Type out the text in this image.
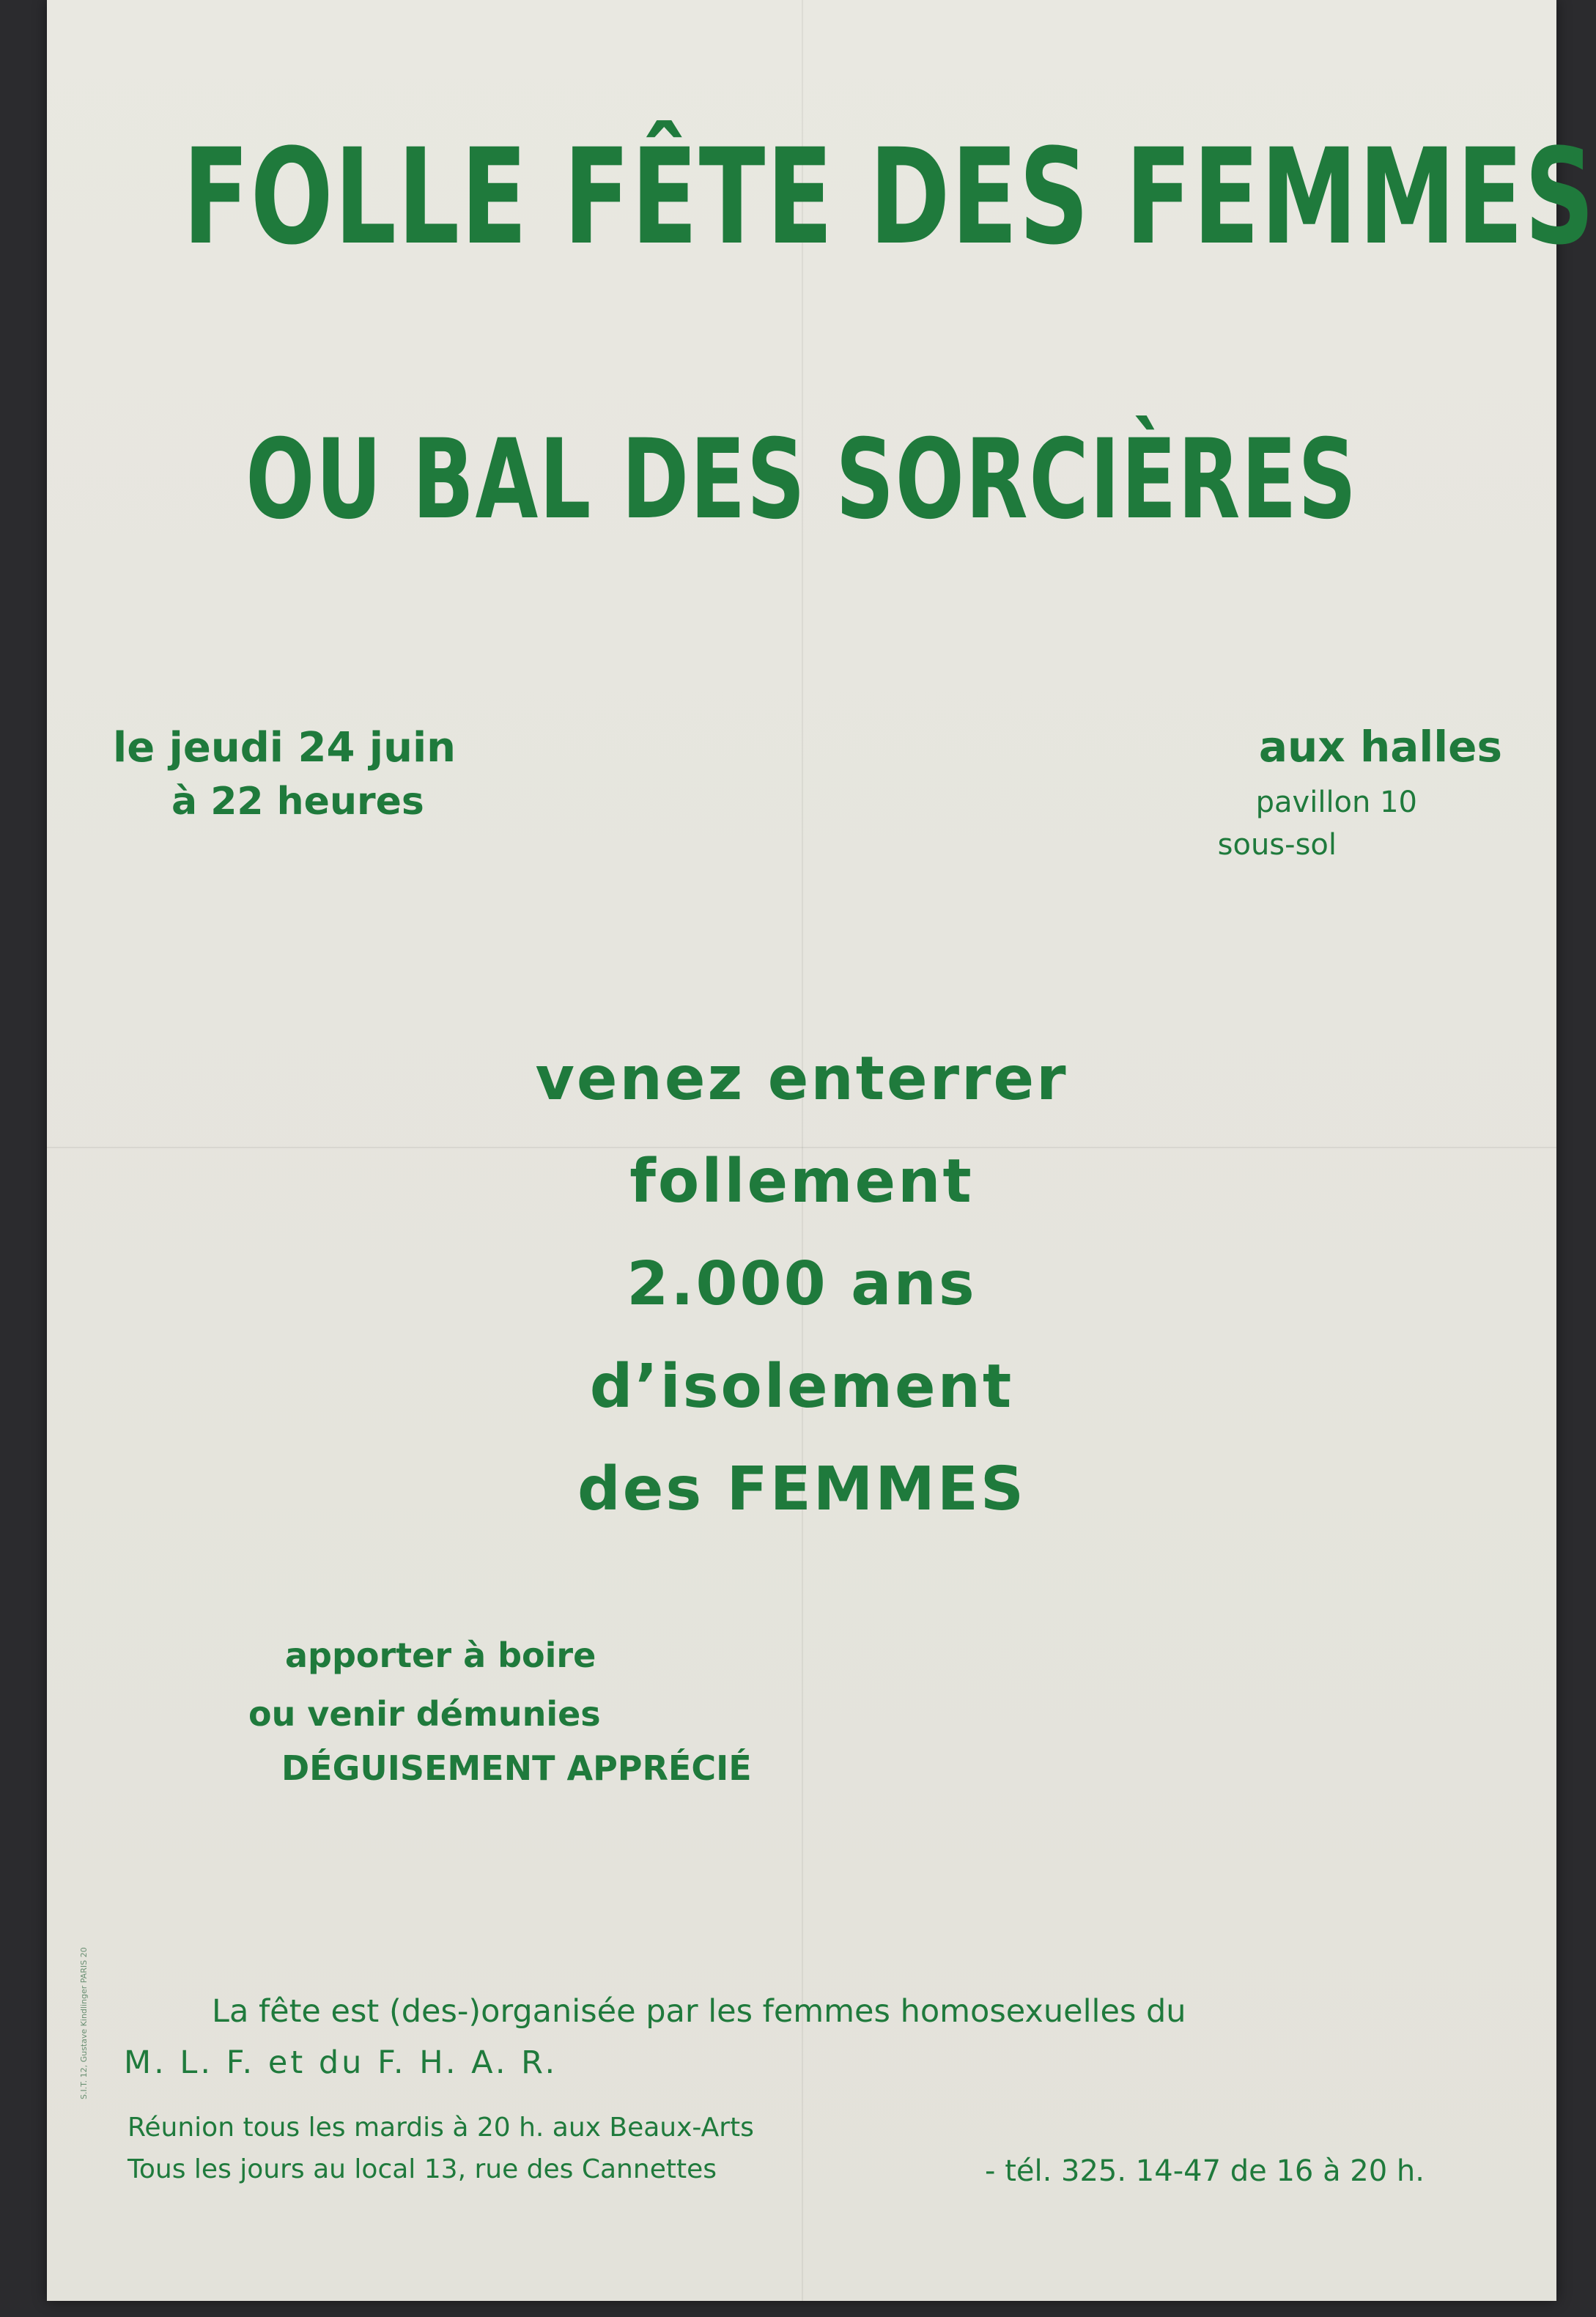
FOLLE FÊTE DES FEMMES
OU BAL DES SORCIÈRES
le jeudi 24 juin
à 22 heures
aux halles
pavillon 10
sous-sol
venez enterrer
follement
2.000 ans
d’isolement
des FEMMES
apporter à boire
ou venir démunies
DÉGUISEMENT APPRÉCIÉ
La fête est (des-)organisée par les femmes homosexuelles du
M. L. F. et du F. H. A. R.
Réunion tous les mardis à 20 h. aux Beaux-Arts
Tous les jours au local 13, rue des Cannettes	- tél. 325. 14-47 de 16 à 20 h.
S.I.T. 12, Gustave Kindlinger PARIS 20
